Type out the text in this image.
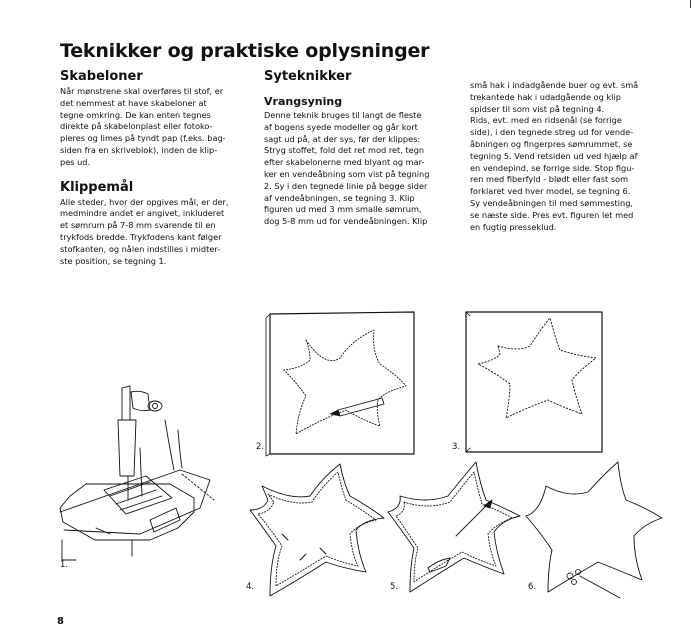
Teknikker og praktiske oplysninger
Skabeloner
Når mønstrene skal overføres til stof, er
det nemmest at have skabeloner at
tegne omkring. De kan enten tegnes
direkte på skabelonplast eller fotoko-
pieres og limes på tyndt pap (f.eks. bag-
siden fra en skriveblok), inden de klip-
pes ud.
Klippemål
Alle steder, hvor der opgives mål, er der,
medmindre andet er angivet, inkluderet
et sømrum på 7-8 mm svarende til en
trykfods bredde. Trykfodens kant følger
stofkanten, og nålen indstilles i midter-
ste position, se tegning 1.
Syteknikker
Vrangsyning
Denne teknik bruges til langt de fleste
af bogens syede modeller og går kort
sagt ud på, at der sys, før der klippes:
Stryg stoffet, fold det ret mod ret, tegn
efter skabelonerne med blyant og mar-
ker en vendeåbning som vist på tegning
2. Sy i den tegnede linie på begge sider
af vendeåbningen, se tegning 3. Klip
figuren ud med 3 mm smalle sømrum,
dog 5-8 mm ud for vendeåbningen. Klip
små hak i indadgående buer og evt. små
trekantede hak i udadgående og klip
spidser til som vist på tegning 4.
Rids, evt. med en ridsenål (se forrige
side), i den tegnede streg ud for vende-
åbningen og fingerpres sømrummet, se
tegning 5. Vend retsiden ud ved hjælp af
en vendepind, se forrige side. Stop figu-
ren med fiberfyld - blødt eller fast som
forklaret ved hver model, se tegning 6.
Sy vendeåbningen til med sømmesting,
se næste side. Pres evt. figuren let med
en fugtig presseklud.
1.
2.	3.
4.	5.	6.
8
